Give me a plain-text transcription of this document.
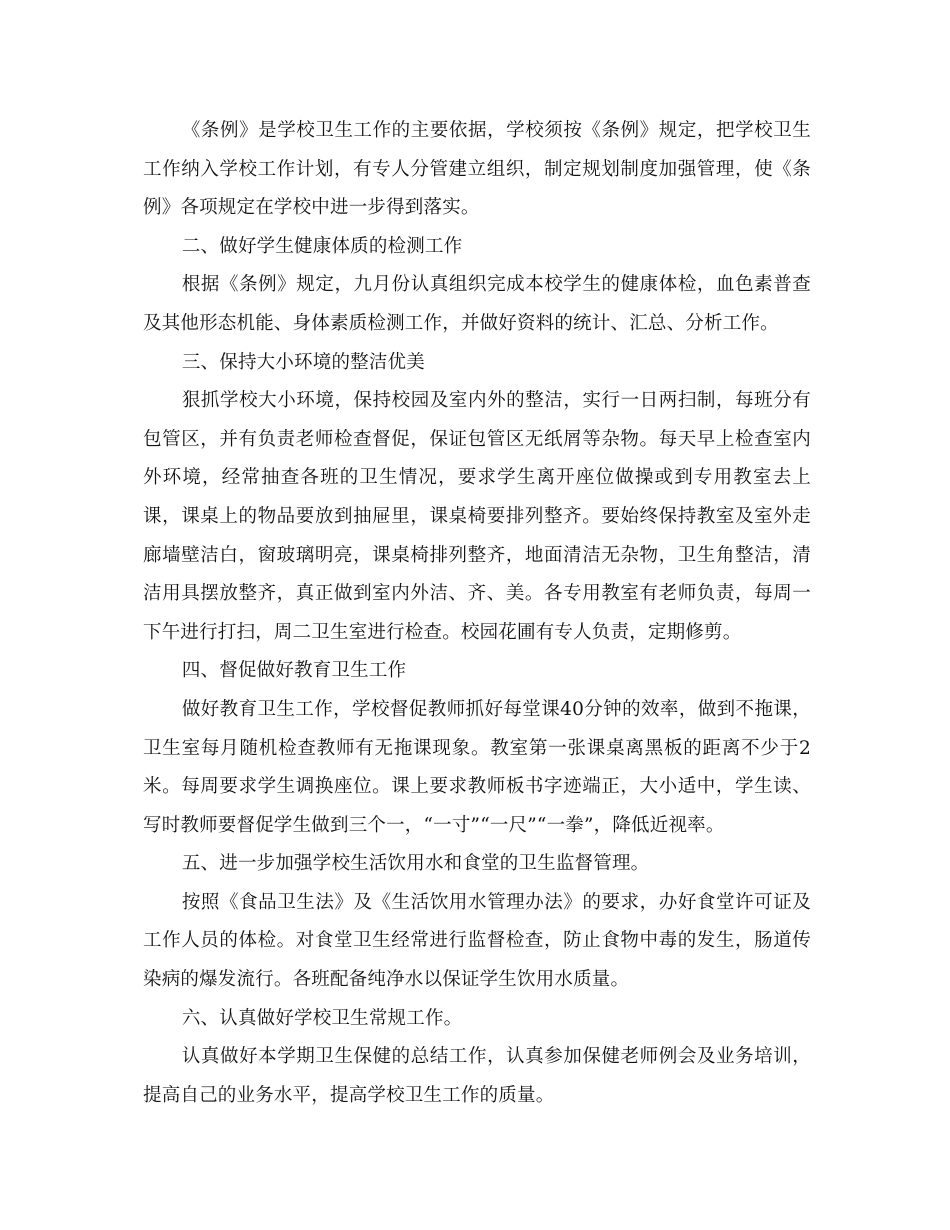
《条例》是学校卫生工作的主要依据，学校须按《条例》规定，把学校卫生工作纳入学校工作计划，有专人分管建立组织，制定规划制度加强管理，使《条例》各项规定在学校中进一步得到落实。

二、做好学生健康体质的检测工作

根据《条例》规定，九月份认真组织完成本校学生的健康体检，血色素普查及其他形态机能、身体素质检测工作，并做好资料的统计、汇总、分析工作。

三、保持大小环境的整洁优美

狠抓学校大小环境，保持校园及室内外的整洁，实行一日两扫制，每班分有包管区，并有负责老师检查督促，保证包管区无纸屑等杂物。每天早上检查室内外环境，经常抽查各班的卫生情况，要求学生离开座位做操或到专用教室去上课，课桌上的物品要放到抽屉里，课桌椅要排列整齐。要始终保持教室及室外走廊墙壁洁白，窗玻璃明亮，课桌椅排列整齐，地面清洁无杂物，卫生角整洁，清洁用具摆放整齐，真正做到室内外洁、齐、美。各专用教室有老师负责，每周一下午进行打扫，周二卫生室进行检查。校园花圃有专人负责，定期修剪。

四、督促做好教育卫生工作

做好教育卫生工作，学校督促教师抓好每堂课40分钟的效率，做到不拖课，卫生室每月随机检查教师有无拖课现象。教室第一张课桌离黑板的距离不少于2米。每周要求学生调换座位。课上要求教师板书字迹端正，大小适中，学生读、写时教师要督促学生做到三个一，“一寸”“一尺”“一拳”，降低近视率。

五、进一步加强学校生活饮用水和食堂的卫生监督管理。

按照《食品卫生法》及《生活饮用水管理办法》的要求，办好食堂许可证及工作人员的体检。对食堂卫生经常进行监督检查，防止食物中毒的发生，肠道传染病的爆发流行。各班配备纯净水以保证学生饮用水质量。

六、认真做好学校卫生常规工作。

认真做好本学期卫生保健的总结工作，认真参加保健老师例会及业务培训，提高自己的业务水平，提高学校卫生工作的质量。
